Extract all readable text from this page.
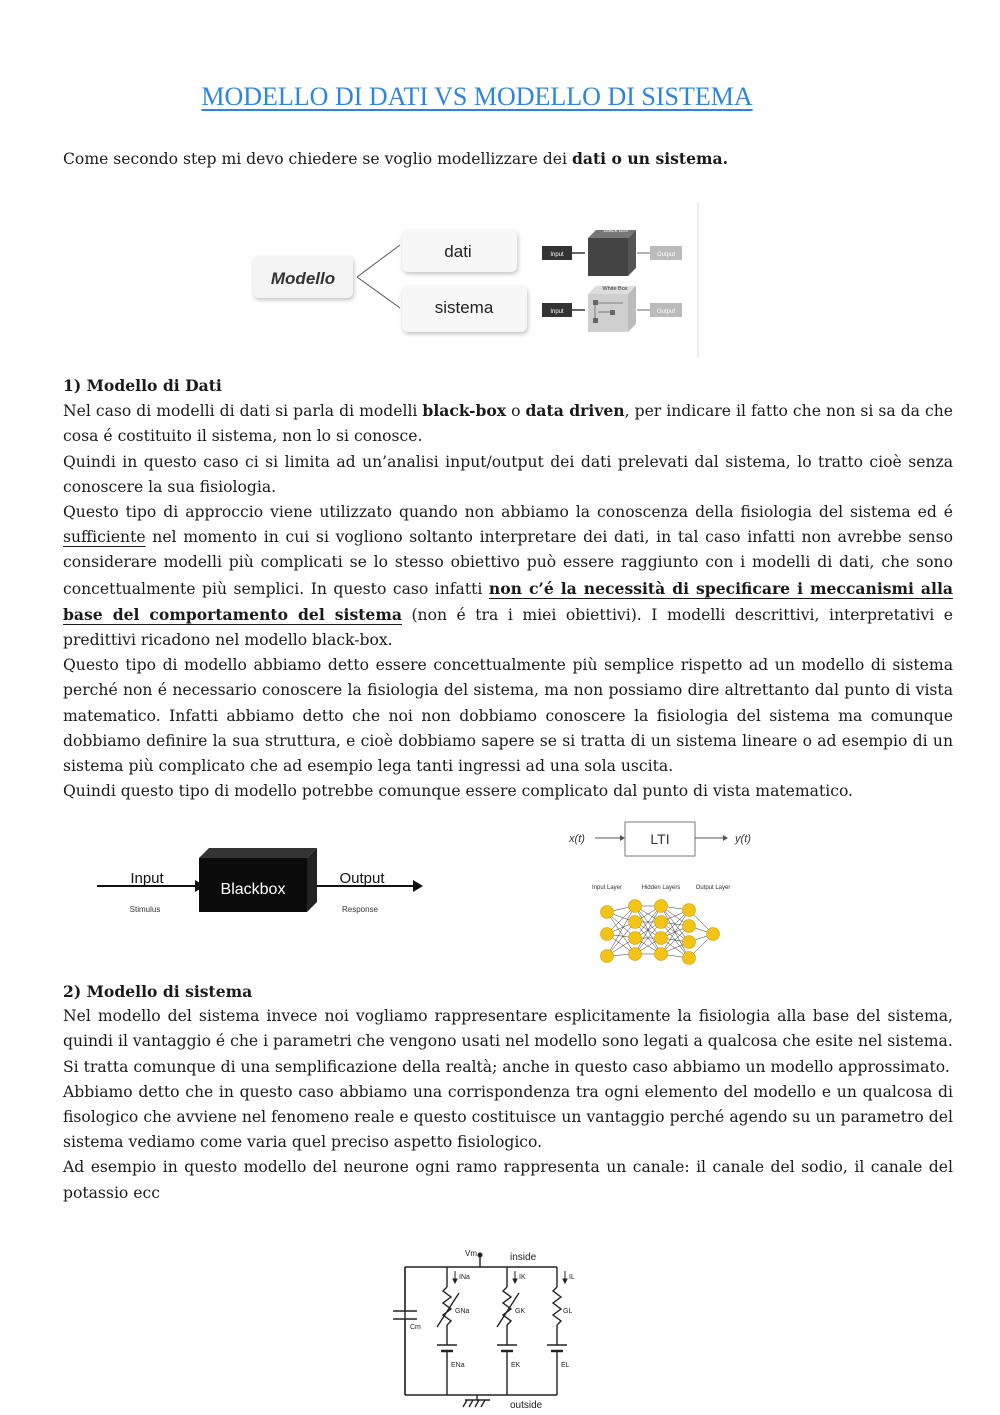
MODELLO DI DATI VS MODELLO DI SISTEMA

Come secondo step mi devo chiedere se voglio modellizzare dei dati o un sistema.

Modello
dati
sistema
Input
Black Box
Output
Input
White Box
Output

1) Modello di Dati

Nel caso di modelli di dati si parla di modelli black-box o data driven, per indicare il fatto che non si sa da che cosa é costituito il sistema, non lo si conosce.

Quindi in questo caso ci si limita ad un’analisi input/output dei dati prelevati dal sistema, lo tratto cioè senza conoscere la sua fisiologia.

Questo tipo di approccio viene utilizzato quando non abbiamo la conoscenza della fisiologia del sistema ed é sufficiente nel momento in cui si vogliono soltanto interpretare dei dati, in tal caso infatti non avrebbe senso considerare modelli più complicati se lo stesso obiettivo può essere raggiunto con i modelli di dati, che sono concettualmente più semplici. In questo caso infatti non c’é la necessità di specificare i meccanismi alla base del comportamento del sistema (non é tra i miei obiettivi). I modelli descrittivi, interpretativi e predittivi ricadono nel modello black-box.

Questo tipo di modello abbiamo detto essere concettualmente più semplice rispetto ad un modello di sistema perché non é necessario conoscere la fisiologia del sistema, ma non possiamo dire altrettanto dal punto di vista matematico. Infatti abbiamo detto che noi non dobbiamo conoscere la fisiologia del sistema ma comunque dobbiamo definire la sua struttura, e cioè dobbiamo sapere se si tratta di un sistema lineare o ad esempio di un sistema più complicato che ad esempio lega tanti ingressi ad una sola uscita.

Quindi questo tipo di modello potrebbe comunque essere complicato dal punto di vista matematico.

Blackbox
Input	Output
Stimulus	Response
x(t)	LTI	y(t)
Input Layer	Hidden Layers	Output Layer

2) Modello di sistema

Nel modello del sistema invece noi vogliamo rappresentare esplicitamente la fisiologia alla base del sistema, quindi il vantaggio é che i parametri che vengono usati nel modello sono legati a qualcosa che esite nel sistema.

Si tratta comunque di una semplificazione della realtà; anche in questo caso abbiamo un modello approssimato.

Abbiamo detto che in questo caso abbiamo una corrispondenza tra ogni elemento del modello e un qualcosa di fisologico che avviene nel fenomeno reale e questo costituisce un vantaggio perché agendo su un parametro del sistema vediamo come varia quel preciso aspetto fisiologico.

Ad esempio in questo modello del neurone ogni ramo rappresenta un canale: il canale del sodio, il canale del potassio ecc

Vm	inside
outside
Cm
INa	IK	IL
GNa	GK	GL
ENa	EK	EL
